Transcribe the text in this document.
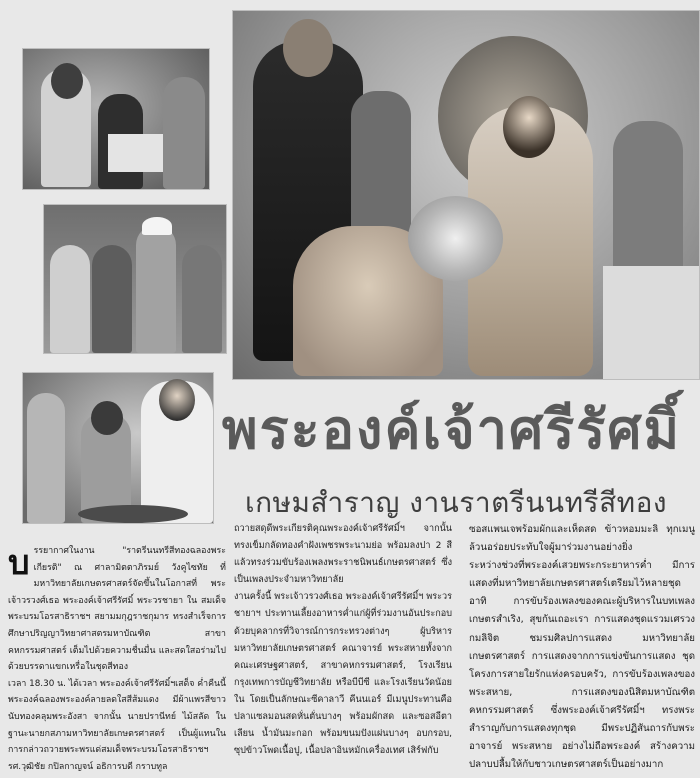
พระองค์เจ้าศรีรัศมิ์
เกษมสำราญ งานราตรีนนทรีสีทอง

บรรยากาศในงาน "ราตรีนนทรีสีทองฉลองพระเกียรติ" ณ ศาลามิตตาภิรมย์ วังคูไซทัย ที่มหาวิทยาลัยเกษตรศาสตร์จัดขึ้นในโอกาสที่ พระเจ้าวรวงศ์เธอ พระองค์เจ้าศรีรัศมิ์ พระวรชายา ใน สมเด็จพระบรมโอรสาธิราชฯ สยามมกุฎราชกุมาร ทรงสำเร็จการศึกษาปริญญาวิทยาศาสตรมหาบัณฑิต สาขาคหกรรมศาสตร์ เต็มไปด้วยความชื่นมื่น และสดใสอร่ามไปด้วยบรรดาแขกเหรื่อในชุดสีทอง

เวลา 18.30 น. ได้เวลา พระองค์เจ้าศรีรัศมิ์ฯเสด็จ ค่ำคืนนี้พระองค์ฉลองพระองค์ลายลดใสสีส้มแดง มีผ้าแพรสีขาวนับทองคลุมพระอังสา จากนั้น นายปรานีทย์ ไม้สลัด ในฐานะนายกสภามหาวิทยาลัยเกษตรศาสตร์ เป็นผู้แทนในการกล่าวถวายพระพรแด่สมเด็จพระบรมโอรสาธิราชฯ รศ.วุฒิชัย กปิลกาญจน์ อธิการบดี กราบทูล

ถวายสดุดีพระเกียรติคุณพระองค์เจ้าศรีรัศมิ์ฯ จากนั้น ทรงเข็มกลัดทองคำฝังเพชรพระนามย่อ พร้อมลงปา 2 สี แล้วทรงร่วมขับร้องเพลงพระราชนิพนธ์เกษตรศาสตร์ ซึ่งเป็นเพลงประจำมหาวิทยาลัย

งานครั้งนี้ พระเจ้าวรวงศ์เธอ พระองค์เจ้าศรีรัศมิ์ฯ พระวรชายาฯ ประทานเลี้ยงอาหารค่ำแก่ผู้ที่ร่วมงานอันประกอบด้วยบุคลากรที่วิจารณ์การกระทรวงต่างๆ ผู้บริหารมหาวิทยาลัยเกษตรศาสตร์ คณาจารย์ พระสหายทั้งจากคณะเศรษฐศาสตร์, สาขาคหกรรมศาสตร์, โรงเรียนกรุงเทพการบัญชีวิทยาลัย หรือบีบีซี และโรงเรียนวัดน้อยใน โดยเป็นลักษณะซีคาลาวี คีนนเอร์ มีเมนูประทานคือ ปลาแซลมอนสดหั่นตั่นบางๆ พร้อมผักสด และซอสอีตาเลียน น้ำมันมะกอก พร้อมขนมปังแผ่นบางๆ อบกรอบ, ซุปข้าวโพดเนื้อปู, เนื้อปลาอินหมักเครื่องเทศ เสิร์ฟกับ

ซอสแพนเจพร้อมผักและเห็ดสด ข้าวหอมมะลิ ทุกเมนูล้วนอร่อยประทับใจผู้มาร่วมงานอย่างยิ่ง

ระหว่างช่วงที่พระองค์เสวยพระกระยาหารค่ำ มีการแสดงที่มหาวิทยาลัยเกษตรศาสตร์เตรียมไว้หลายชุด อาทิ การขับร้องเพลงของคณะผู้บริหารในบทเพลงเกษตรสำเริง, สุขกันเถอะเรา การแสดงชุดแรวมเศรวงกมลิจิต ชมรมศิลปการแสดง มหาวิทยาลัยเกษตรศาสตร์ การแสดงจากการแข่งขันการแสดง ชุดโครงการสายใยรักแห่งครอบครัว, การขับร้องเพลงของพระสหาย, การแสดงของนิสิตมหาบัณฑิต คหกรรมศาสตร์ ซึ่งพระองค์เจ้าศรีรัศมิ์ฯ ทรงพระสำราญกับการแสดงทุกชุด มีพระปฏิสันถารกับพระอาจารย์ พระสหาย อย่างไม่ถือพระองค์ สร้างความปลาบปลื้มให้กับชาวเกษตรศาสตร์เป็นอย่างมาก
